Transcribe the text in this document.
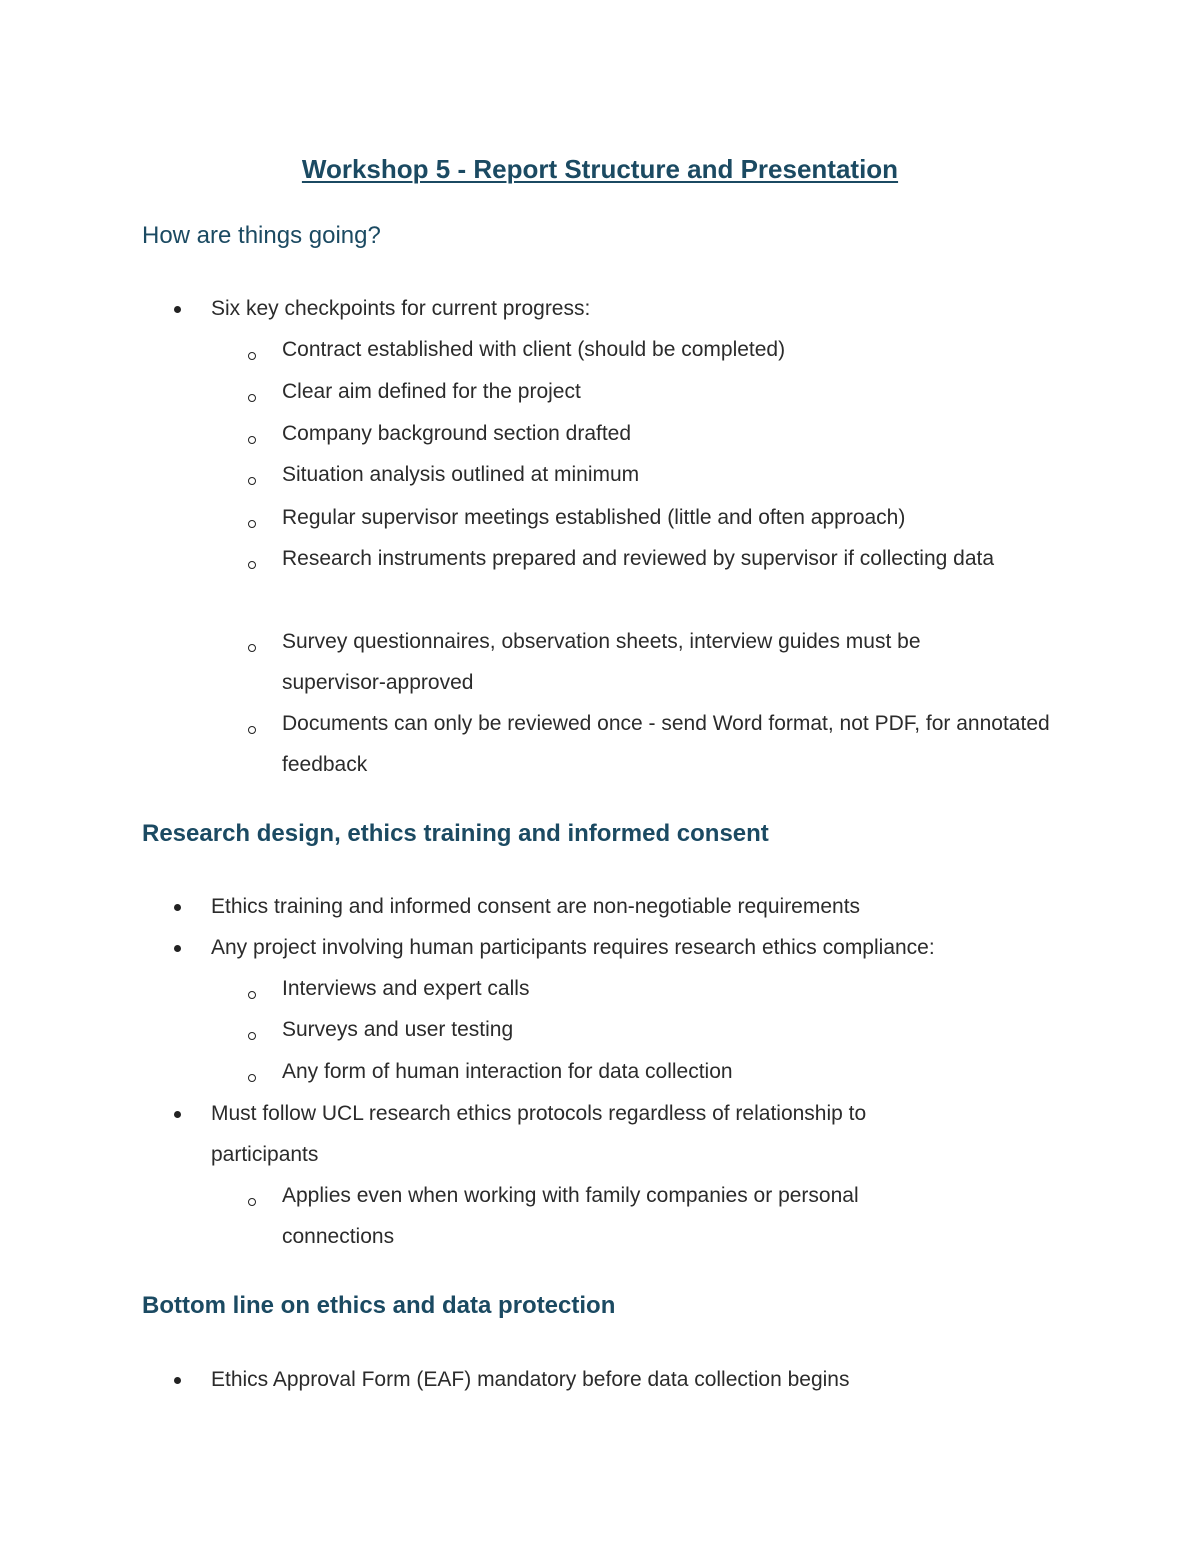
Workshop 5 - Report Structure and Presentation
How are things going?
Six key checkpoints for current progress:
Contract established with client (should be completed)
Clear aim defined for the project
Company background section drafted
Situation analysis outlined at minimum
Regular supervisor meetings established (little and often approach)
Research instruments prepared and reviewed by supervisor if collecting data
Survey questionnaires, observation sheets, interview guides must be supervisor-approved
Documents can only be reviewed once - send Word format, not PDF, for annotated feedback
Research design, ethics training and informed consent
Ethics training and informed consent are non-negotiable requirements
Any project involving human participants requires research ethics compliance:
Interviews and expert calls
Surveys and user testing
Any form of human interaction for data collection
Must follow UCL research ethics protocols regardless of relationship to participants
Applies even when working with family companies or personal connections
Bottom line on ethics and data protection
Ethics Approval Form (EAF) mandatory before data collection begins
